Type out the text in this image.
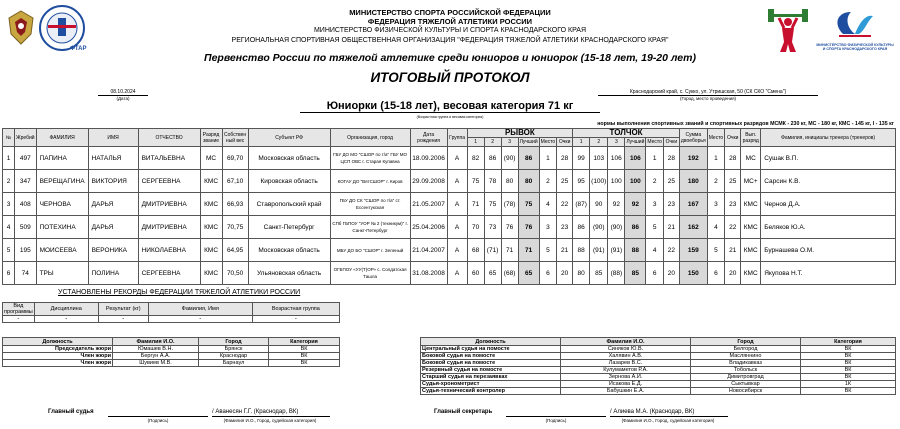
ФТАР
МИНИСТЕРСТВО ФИЗИЧЕСКОЙ КУЛЬТУРЫ И СПОРТА КРАСНОДАРСКОГО КРАЯ
МИНИСТЕРСТВО СПОРТА РОССИЙСКОЙ ФЕДЕРАЦИИ
ФЕДЕРАЦИЯ ТЯЖЕЛОЙ АТЛЕТИКИ РОССИИ
МИНИСТЕРСТВО ФИЗИЧЕСКОЙ КУЛЬТУРЫ И СПОРТА КРАСНОДАРСКОГО КРАЯ
РЕГИОНАЛЬНАЯ СПОРТИВНАЯ ОБЩЕСТВЕННАЯ ОРГАНИЗАЦИЯ "ФЕДЕРАЦИЯ ТЯЖЕЛОЙ АТЛЕТИКИ КРАСНОДАРСКОГО КРАЯ"
Первенство России по тяжелой атлетике среди юниоров и юниорок (15-18 лет, 19-20 лет)
ИТОГОВЫЙ ПРОТОКОЛ
08.10.2024
(Дата)
Краснодарский край, с. Сукко, ул. Утришская, 50 (СК СКО "Смена")
(Город, место проведения)
Юниорки (15-18 лет), весовая категория 71 кг
(Возрастная группа и весовая категория)
нормы выполнения спортивных званий и спортивных разрядов МСМК - 230 кг, МС - 180 кг, КМС - 145 кг, I - 135 кг
№	Жребий	ФАМИЛИЯ	ИМЯ	ОТЧЕСТВО	Разряд звание	Собствен ный вес	Субъект РФ	Организация, город	Дата рождения	Группа	РЫВОК						ТОЛЧОК						Сумма двоеборья	Место	Очки	Вып. разряд	Фамилия, инициалы тренера (тренеров)
											1	2	3	Лучший	Место	Очки	1	2	3	Лучший	Место	Очки					
1	497	ПАПИНА	НАТАЛЬЯ	ВИТАЛЬЕВНА	МС	69,70	Московская область	ГБУ ДО МО "СШОР по т/а" ГБУ МО ЦСП ОВС г. Старая Купавна	18.09.2006	А	82	86	(90)	86	1	28	99	103	106	106	1	28	192	1	28	МС	Сушак В.П.
2	347	ВЕРЕЩАГИНА	ВИКТОРИЯ	СЕРГЕЕВНА	КМС	67,10	Кировская область	КОГАУ ДО "ВятСШОР" г. Киров	29.09.2008	А	75	78	80	80	2	25	95	(100)	100	100	2	25	180	2	25	МС+	Сарсин К.В.
3	408	ЧЕРНОВА	ДАРЬЯ	ДМИТРИЕВНА	КМС	66,93	Ставропольский край	ГБУ ДО СК "СШОР по т/а" ст. Ессентукская	21.05.2007	А	71	75	(78)	75	4	22	(87)	90	92	92	3	23	167	3	23	КМС	Чернов Д.А.
4	509	ПОТЕХИНА	ДАРЬЯ	ДМИТРИЕВНА	КМС	70,75	Санкт-Петербург	СПб ГБПОУ "УОР № 2 (техникум)" г. Санкт-Петербург	25.04.2006	А	70	73	76	76	3	23	86	(90)	(90)	86	5	21	162	4	22	КМС	Беляков Ю.А.
5	195	МОИСЕЕВА	ВЕРОНИКА	НИКОЛАЕВНА	КМС	64,95	Московская область	МБУ ДО БО "СШОР" г. Зеленый	21.04.2007	А	68	(71)	71	71	5	21	88	(91)	(91)	88	4	22	159	5	21	КМС	Бурнашева О.М.
6	74	ТРЫ	ПОЛИНА	СЕРГЕЕВНА	КМС	70,50	Ульяновская область	ОГБПОУ «УУ(Т)ОР» с. Солдатская Ташла	31.08.2008	А	60	65	(68)	65	6	20	80	85	(88)	85	6	20	150	6	20	КМС	Якупова Н.Т.
УСТАНОВЛЕНЫ РЕКОРДЫ ФЕДЕРАЦИИ ТЯЖЕЛОЙ АТЛЕТИКИ РОССИИ
Вид программы	Дисциплина	Результат (кг)	Фамилия, Имя	Возрастная группа
-	-	-	-	-
Должность	Фамилия И.О.	Город	Категория
Председатель жюри	Юмашев В.Н.	Брянск	ВК
Член жюри	Бергун А.А.	Краснодар	ВК
Член жюри	Шувиев М.В.	Барнаул	ВК
Должность	Фамилия И.О.	Город	Категория
Центральный судья на помосте	Синяков Ю.В.	Белгород	ВК
Боковой судья на помосте	Халявин А.В.	Масляннино	ВК
Боковой судья на помосте	Лазарев В.С.	Владикавказ	ВК
Резервный судья на помосте	Кулумаметов Р.А.	Тобольск	ВК
Старший судья на перезаявках	Зернова А.И.	Димитровград	ВК
Судья-хронометрист	Исакова Е.Д.	Сыктывкар	1К
Судья-технический контролер	Бабушкин Е.А.	Новосибирск	ВК
Главный судья	/ Аванесян Г.Г. (Краснодар, ВК)
(Подпись)	(Фамилия И.О., Город, судейская категория)
Главный секретарь	/ Алиева М.А. (Краснодар, ВК)
(Подпись)	(Фамилия И.О., Город, судейская категория)
